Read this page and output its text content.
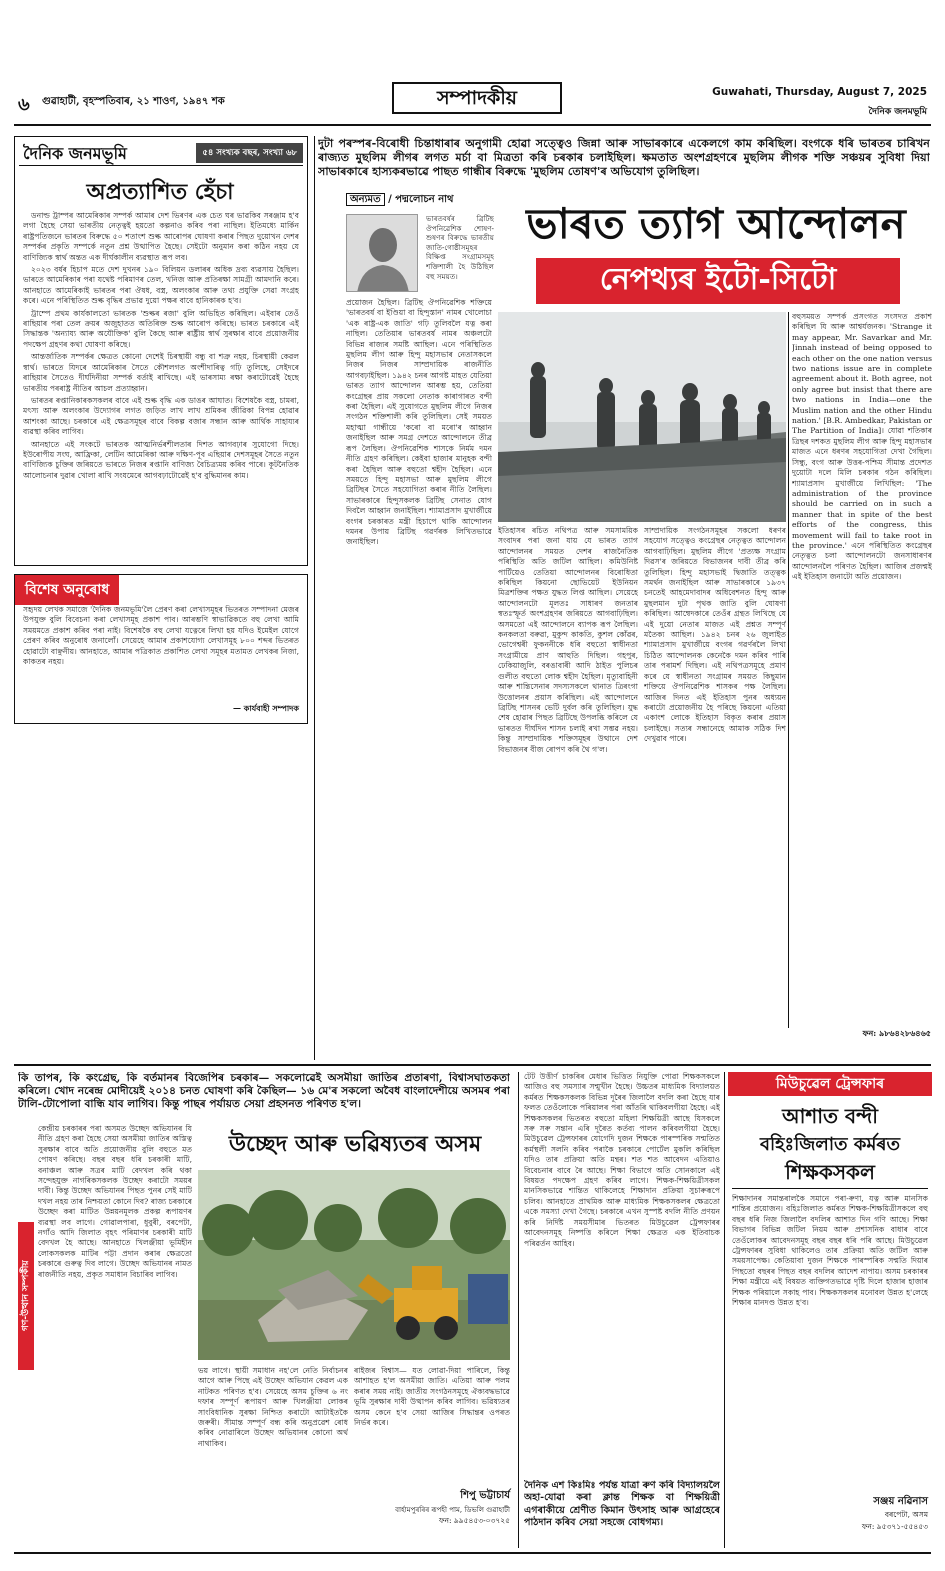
৬ গুৱাহাটী, বৃহস্পতিবাৰ, ২১ শাওণ, ১৯৪৭ শক	সম্পাদকীয়	Guwahati, Thursday, August 7, 2025
দৈনিক জনমভূমি
দৈনিক জনমভূমি	৫৪ সংখ্যক বছৰ, সংখ্যা ৬৮
অপ্ৰত্যাশিত হেঁচা

ডনাল্ড ট্ৰাম্পৰ আমেৰিকাৰ সম্পৰ্ক আমাৰ দেশ ভিৰণৰ এক চেত ঘৰ ভাৱকিব সৰঞ্জাম হ'ব লগা হৈছে সেয়া ভাৰতীয় নেতৃত্বই হয়তো কল্পনাও কৰিব পৰা নাছিল। ইতিমধ্যে মাৰ্কিন ৰাষ্ট্ৰপতিজনে ভাৰতৰ বিৰুদ্ধে ৫০ শতাংশ শুল্ক আৰোপৰ ঘোষণা কৰাৰ পিছত দুয়োখন দেশৰ সম্পৰ্কৰ প্ৰকৃতি সম্পৰ্কে নতুন প্ৰশ্ন উত্থাপিত হৈছে। সেইটো অনুমান কৰা কঠিন নহয় যে বাণিজ্যিক স্বাৰ্থ অন্তত এক দীৰ্ঘকালীন ব্যৱস্থাত ৰূপ লব।

২০২৩ বৰ্ষৰ হিচাপ মতে দেশ দুখনৰ ১৯০ বিলিয়ন ডলাৰৰ অধিক দ্ৰব্য ব্যৱসায় হৈছিল। ভাৰতে আমেৰিকাৰ পৰা যথেষ্ট পৰিমাণৰ তেল, খনিজ আৰু প্ৰতিৰক্ষা সামগ্ৰী আমদানি কৰে। আনহাতে আমেৰিকাই ভাৰতৰ পৰা ঔষধ, বস্ত্ৰ, অলংকাৰ আৰু তথ্য প্ৰযুক্তি সেৱা সংগ্ৰহ কৰে। এনে পৰিস্থিতিত শুল্ক বৃদ্ধিৰ প্ৰভাৱ দুয়ো পক্ষৰ বাবে হানিকাৰক হ'ব।

ট্ৰাম্পে প্ৰথম কাৰ্যকালতো ভাৰতক 'শুল্কৰ ৰজা' বুলি অভিহিত কৰিছিল। এইবাৰ তেওঁ ৰাছিয়াৰ পৰা তেল ক্ৰয়ৰ অজুহাতত অতিৰিক্ত শুল্ক আৰোপ কৰিছে। ভাৰত চৰকাৰে এই সিদ্ধান্তক 'অন্যায্য আৰু অযৌক্তিক' বুলি কৈছে আৰু ৰাষ্ট্ৰীয় স্বাৰ্থ সুৰক্ষাৰ বাবে প্ৰয়োজনীয় পদক্ষেপ গ্ৰহণৰ কথা ঘোষণা কৰিছে।

আন্তৰ্জাতিক সম্পৰ্কৰ ক্ষেত্ৰত কোনো দেশেই চিৰস্থায়ী বন্ধু বা শত্ৰু নহয়, চিৰস্থায়ী কেৱল স্বাৰ্থ। ভাৰতে যিদৰে আমেৰিকাৰ সৈতে কৌশলগত অংশীদাৰিত্ব গঢ়ি তুলিছে, সেইদৰে ৰাছিয়াৰ সৈতেও দীৰ্ঘদিনীয়া সম্পৰ্ক বৰ্তাই ৰাখিছে। এই ভাৰসাম্য ৰক্ষা কৰাটোৱেই হৈছে ভাৰতীয় পৰৰাষ্ট্ৰ নীতিৰ আচল প্ৰত্যাহ্বান।

ভাৰতৰ ৰপ্তানিকাৰকসকলৰ বাবে এই শুল্ক বৃদ্ধি এক ডাঙৰ আঘাত। বিশেষকৈ বস্ত্ৰ, চামৰা, মৎস্য আৰু অলংকাৰ উদ্যোগৰ লগত জড়িত লাখ লাখ শ্ৰমিকৰ জীৱিকা বিপন্ন হোৱাৰ আশংকা আছে। চৰকাৰে এই ক্ষেত্ৰসমূহৰ বাবে বিকল্প বজাৰ সন্ধান আৰু আৰ্থিক সাহায্যৰ ব্যৱস্থা কৰিব লাগিব।

আনহাতে এই সংকটে ভাৰতক আত্মনিৰ্ভৰশীলতাৰ দিশত আগবঢ়াৰ সুযোগো দিছে। ইউৰোপীয় সংঘ, আফ্ৰিকা, লেটিন আমেৰিকা আৰু দক্ষিণ-পূব এছিয়াৰ দেশসমূহৰ সৈতে নতুন বাণিজ্যিক চুক্তিৰ জৰিয়তে ভাৰতে নিজৰ ৰপ্তানি বাণিজ্য বৈচিত্ৰ্যময় কৰিব পাৰে। কূটনৈতিক আলোচনাৰ দুৱাৰ খোলা ৰাখি সংযমেৰে আগবঢ়াটোৱেই হ'ব বুদ্ধিমানৰ কাম।

বিশেষ অনুৰোধ
সহৃদয় লেখক সমাজে 'দৈনিক জনমভূমি'লৈ প্ৰেৰণ কৰা লেখাসমূহৰ ভিতৰত সম্পাদনা মেজৰ উপযুক্ত বুলি বিবেচনা কৰা লেখাসমূহ প্ৰকাশ পাব। আৰম্ভণি স্বাভাৱিকতে বহু লেখা আমি সময়মতে প্ৰকাশ কৰিব পৰা নাই। বিশেষকৈ বহু লেখা যত্নেৰে লিখা হয় যদিও ইমেইল যোগে প্ৰেৰণ কৰিব অনুৰোধ জনালোঁ। সেয়েহে আমাৰ প্ৰকাশযোগ্য লেখাসমূহ ৮০০ শব্দৰ ভিতৰত হোৱাটো বাঞ্ছনীয়। আনহাতে, আমাৰ পত্ৰিকাত প্ৰকাশিত লেখা সমূহৰ মতামত লেখকৰ নিজা, কাকতৰ নহয়।
— কাৰ্যবাহী সম্পাদক
দুটা পৰস্পৰ-বিৰোধী চিন্তাধাৰাৰ অনুগামী হোৱা সত্ত্বেও জিন্না আৰু সাভাৰকাৰে একেলগে কাম কৰিছিল। বংগকে ধৰি ভাৰতৰ চাৰিখন ৰাজ্যত মুছলিম লীগৰ লগত মৰ্চা বা মিত্ৰতা কৰি চৰকাৰ চলাইছিল। ক্ষমতাত অংশগ্ৰহণৰে মুছলিম লীগক শক্তি সঞ্চয়ৰ সুবিধা দিয়া সাভাৰকাৰে হাস্যকৰভাৱে পাছত গান্ধীৰ বিৰুদ্ধে 'মুছলিম তোষণ'ৰ অভিযোগ তুলিছিল।
অন্যমত / পদ্মলোচন নাথ
ভাৰতবৰ্ষৰ ব্ৰিটিছ ঔপনিৱেশিক শোষণ-শুষণৰ বিৰুদ্ধে ভাৰতীয় জাতি-গোষ্ঠীসমূহৰ বিক্ষিপ্ত সংগ্ৰামসমূহ শক্তিশালী হৈ উঠিছিল বহু সময়ত।
ভাৰত ত্যাগ আন্দোলন
নেপথ্যৰ ইটো-সিটো
প্ৰয়োজন হৈছিল। ব্ৰিটিছ ঔপনিৱেশিক শক্তিয়ে 'ভাৰতবৰ্ষ বা ইণ্ডিয়া বা হিন্দুস্তান' নামৰ খোলোচা 'এক ৰাষ্ট্ৰ-এক জাতি' গঢ়ি তুলিবলৈ যত্ন কৰা নাছিল। তেতিয়াৰ ভাৰতবৰ্ষ নামৰ অঞ্চলটো বিভিন্ন ৰাজ্যৰ সমষ্টি আছিল। এনে পৰিস্থিতিত মুছলিম লীগ আৰু হিন্দু মহাসভাৰ নেতাসকলে নিজৰ নিজৰ সাম্প্ৰদায়িক ৰাজনীতি আগবঢ়াইছিল। ১৯৪২ চনৰ আগষ্ট মাহত যেতিয়া ভাৰত ত্যাগ আন্দোলন আৰম্ভ হয়, তেতিয়া কংগ্ৰেছৰ প্ৰায় সকলো নেতাক কাৰাগাৰত বন্দী কৰা হৈছিল। এই সুযোগতে মুছলিম লীগে নিজৰ সংগঠন শক্তিশালী কৰি তুলিছিল। সেই সময়ত মহাত্মা গান্ধীয়ে 'কৰো বা মৰো'ৰ আহ্বান জনাইছিল আৰু সমগ্ৰ দেশতে আন্দোলনে তীব্ৰ ৰূপ লৈছিল। ঔপনিৱেশিক শাসকে নিৰ্মম দমন নীতি গ্ৰহণ কৰিছিল। কেইবা হাজাৰ মানুহক বন্দী কৰা হৈছিল আৰু বহুতো শ্বহীদ হৈছিল। এনে সময়তে হিন্দু মহাসভা আৰু মুছলিম লীগে ব্ৰিটিছৰ সৈতে সহযোগিতা কৰাৰ নীতি লৈছিল। সাভাৰকাৰে হিন্দুসকলক ব্ৰিটিছ সেনাত যোগ দিবলৈ আহ্বান জনাইছিল। শ্যামাপ্ৰসাদ মুখাৰ্জীয়ে বংগৰ চৰকাৰত মন্ত্ৰী হিচাপে থাকি আন্দোলন দমনৰ উপায় ব্ৰিটিছ গৱৰ্ণৰক লিখিতভাৱে জনাইছিল।
ইতিহাসৰ ৰচিত নথিপত্ৰ আৰু সমসাময়িক সংবাদৰ পৰা জনা যায় যে ভাৰত ত্যাগ আন্দোলনৰ সময়ত দেশৰ ৰাজনৈতিক পৰিস্থিতি অতি জটিল আছিল। কমিউনিষ্ট পাৰ্টিয়েও তেতিয়া আন্দোলনৰ বিৰোধিতা কৰিছিল কিয়নো ছোভিয়েট ইউনিয়ন মিত্ৰশক্তিৰ পক্ষত যুদ্ধত লিপ্ত আছিল। সেয়েহে আন্দোলনটো মূলতঃ সাধাৰণ জনতাৰ স্বতঃস্ফূৰ্ত অংশগ্ৰহণৰ জৰিয়তে আগবাঢ়িছিল। অসমতো এই আন্দোলনে ব্যাপক ৰূপ লৈছিল। কনকলতা বৰুৱা, মুকুন্দ কাকতি, কুশল কোঁৱৰ, ভোগেশ্বৰী ফুকননীকে ধৰি বহুতো স্বাধীনতা সংগ্ৰামীয়ে প্ৰাণ আহুতি দিছিল। গহপুৰ, ঢেকিয়াজুলি, বৰঙাবাৰী আদি ঠাইত পুলিচৰ গুলীত বহুতো লোক শ্বহীদ হৈছিল। মৃত্যুবাহিনী আৰু শান্তিসেনাৰ সদস্যসকলে থানাত ত্ৰিৰংগা উত্তোলনৰ প্ৰয়াস কৰিছিল। এই আন্দোলনে ব্ৰিটিছ শাসনৰ ভেটি দুৰ্বল কৰি তুলিছিল। যুদ্ধ শেষ হোৱাৰ পিছত ব্ৰিটিছে উপলব্ধি কৰিলে যে ভাৰতত দীৰ্ঘদিন শাসন চলাই ৰখা সম্ভৱ নহয়। কিন্তু সাম্প্ৰদায়িক শক্তিসমূহৰ উত্থানে দেশ বিভাজনৰ বীজ ৰোপণ কৰি থৈ গ'ল।
সাম্প্ৰদায়িক সংগঠনসমূহৰ সকলো ধৰণৰ সহযোগ সত্ত্বেও কংগ্ৰেছৰ নেতৃত্বত আন্দোলন আগবাঢ়িছিল। মুছলিম লীগে 'প্ৰত্যক্ষ সংগ্ৰাম দিৱস'ৰ জৰিয়তে বিভাজনৰ দাবী তীব্ৰ কৰি তুলিছিল। হিন্দু মহাসভাই দ্বিজাতি তত্ত্বক সমৰ্থন জনাইছিল আৰু সাভাৰকাৰে ১৯৩৭ চনতেই আহমেদাবাদৰ অধিবেশনত হিন্দু আৰু মুছলমান দুটা পৃথক জাতি বুলি ঘোষণা কৰিছিল। আম্বেদকাৰে তেওঁৰ গ্ৰন্থত লিখিছে যে এই দুয়ো নেতাৰ মাজত এই প্ৰশ্নত সম্পূৰ্ণ মতৈক্য আছিল। ১৯৪২ চনৰ ২৬ জুলাইত শ্যামাপ্ৰসাদ মুখাৰ্জীয়ে বংগৰ গৱৰ্ণৰলৈ লিখা চিঠিত আন্দোলনক কেনেকৈ দমন কৰিব পাৰি তাৰ পৰামৰ্শ দিছিল। এই নথিপত্ৰসমূহে প্ৰমাণ কৰে যে স্বাধীনতা সংগ্ৰামৰ সময়ত কিছুমান শক্তিয়ে ঔপনিৱেশিক শাসকৰ পক্ষ লৈছিল। আজিৰ দিনত এই ইতিহাস পুনৰ অধ্যয়ন কৰাটো প্ৰয়োজনীয় হৈ পৰিছে কিয়নো এতিয়া একাংশ লোকে ইতিহাস বিকৃত কৰাৰ প্ৰয়াস চলাইছে। সত্যৰ সন্ধানেহে আমাক সঠিক দিশ দেখুৱাব পাৰে।
বহুসময়ত সম্পৰ্ক প্ৰসংগত সংসদত প্ৰকাশ কৰিছিল যি আৰু আশ্বৰ্যজনক। 'Strange it may appear, Mr. Savarkar and Mr. Jinnah instead of being opposed to each other on the one nation versus two nations issue are in complete agreement about it. Both agree, not only agree but insist that there are two nations in India—one the Muslim nation and the other Hindu nation.' [B.R. Ambedkar, Pakistan or The Partition of India]। যোৱা শতিকাৰ ত্ৰিছৰ দশকত মুছলিম লীগ আৰু হিন্দু মহাসভাৰ মাজত এনে ধৰণৰ সহযোগিতা দেখা গৈছিল। সিন্ধু, বংগ আৰু উত্তৰ-পশ্চিম সীমান্ত প্ৰদেশত দুয়োটা দলে মিলি চৰকাৰ গঠন কৰিছিল। শ্যামাপ্ৰসাদ মুখাৰ্জীয়ে লিখিছিল: 'The administration of the province should be carried on in such a manner that in spite of the best efforts of the congress, this movement will fail to take root in the province.' এনে পৰিস্থিতিত কংগ্ৰেছৰ নেতৃত্বত চলা আন্দোলনটো জনসাধাৰণৰ আন্দোলনলৈ পৰিণত হৈছিল। আজিৰ প্ৰজন্মই এই ইতিহাস জনাটো অতি প্ৰয়োজন।
ফন: ৯৮৬৪২৮৬৪৬৫
কি তাপৰ, কি কংগ্ৰেছ, কি বৰ্তমানৰ বিজেপিৰ চৰকাৰ— সকলোৱেই অসমীয়া জাতিৰ প্ৰতাৰণা, বিশ্বাসঘাতকতা কৰিলে। খোদ নৰেন্দ্ৰ মোদীয়েই ২০১৪ চনত ঘোষণা কৰি কৈছিল— ১৬ মে'ৰ সকলো অবৈধ বাংলাদেশীয়ে অসমৰ পৰা টালি-টোপোলা বান্ধি যাব লাগিব। কিন্তু পাছৰ পৰ্যায়ত সেয়া প্ৰহসনত পৰিণত হ'ল।
গণ-উত্থান সম্পৰ্কীয়
কেন্দ্ৰীয় চৰকাৰৰ পৰা অসমত উচ্ছেদ অভিযানৰ যি নীতি গ্ৰহণ কৰা হৈছে সেয়া অসমীয়া জাতিৰ অস্তিত্ব সুৰক্ষাৰ বাবে অতি প্ৰয়োজনীয় বুলি বহুতে মত পোষণ কৰিছে। বছৰ বছৰ ধৰি চৰকাৰী মাটি, বনাঞ্চল আৰু সত্ৰৰ মাটি বেদখল কৰি থকা সন্দেহযুক্ত নাগৰিকসকলক উচ্ছেদ কৰাটো সময়ৰ দাবী। কিন্তু উচ্ছেদ অভিযানৰ পিছত পুনৰ সেই মাটি দখল নহয় তাৰ নিশ্চয়তা কোনে দিব? ৰাজ্য চৰকাৰে উচ্ছেদ কৰা মাটিত উন্নয়নমূলক প্ৰকল্প ৰূপায়ণৰ ব্যৱস্থা লব লাগে। গোৱালপাৰা, ধুবুৰী, বৰপেটা, নগাঁও আদি জিলাত বৃহৎ পৰিমাণৰ চৰকাৰী মাটি বেদখল হৈ আছে। আনহাতে খিলঞ্জীয়া ভূমিহীন লোকসকলক মাটিৰ পট্টা প্ৰদান কৰাৰ ক্ষেত্ৰতো চৰকাৰে গুৰুত্ব দিব লাগে। উচ্ছেদ অভিযানৰ নামত ৰাজনীতি নহয়, প্ৰকৃত সমাধান বিচাৰিব লাগিব।
উচ্ছেদ আৰু ভৱিষ্যতৰ অসম
ভয় লাগে। স্থায়ী সমাধান নহ'লে নেতি নিৰ্বাচনৰ আগে আৰু পিছে এই উচ্ছেদ অভিযান কেৱল এক নাটকত পৰিণত হ'ব। সেয়েহে অসম চুক্তিৰ ৬ নং দফাৰ সম্পূৰ্ণ ৰূপায়ণ আৰু খিলঞ্জীয়া লোকৰ সাংবিধানিক সুৰক্ষা নিশ্চিত কৰাটো আটাইতকৈ জৰুৰী। সীমান্ত সম্পূৰ্ণ বন্ধ কৰি অনুপ্ৰৱেশ ৰোধ কৰিব নোৱাৰিলে উচ্ছেদ অভিযানৰ কোনো অৰ্থ নাথাকিব।
ৰাইজৰ বিশ্বাস— যত লোৱা-দিয়া পাৰিলে, কিন্তু আশাহত হ'ল অসমীয়া জাতি। এতিয়া আৰু পলম কৰাৰ সময় নাই। জাতীয় সংগঠনসমূহে ঐক্যবদ্ধভাৱে ভূমি সুৰক্ষাৰ দাবী উত্থাপন কৰিব লাগিব। ভৱিষ্যতৰ অসম কেনে হ'ব সেয়া আজিৰ সিদ্ধান্তৰ ওপৰত নিৰ্ভৰ কৰে।
শিপু ভট্টাচাৰ্য
বাৰ্হামপুৰৰিৰ ৰূপহী পাম, ডিভলি গুৱাহাটী
ফন: ৯৯৫৪৫৩-০৩৭২৫
টেট উত্তীৰ্ণ চাকৰিৰ মেধাৰ ভিত্তিত নিযুক্তি পোৱা শিক্ষকসকলে আজিও বহু সমস্যাৰ সন্মুখীন হৈছে। উচ্চতৰ মাধ্যমিক বিদ্যালয়ত কৰ্মৰত শিক্ষকসকলক বিভিন্ন দূৰৈৰ জিলালৈ বদলি কৰা হৈছে যাৰ ফলত তেওঁলোকে পৰিয়ালৰ পৰা আঁতৰি থাকিবলগীয়া হৈছে। এই শিক্ষকসকলৰ ভিতৰত বহুতো মহিলা শিক্ষয়িত্ৰী আছে যিসকলে সৰু সৰু সন্তান এৰি দূৰৈত কৰ্তব্য পালন কৰিবলগীয়া হৈছে। মিউচুৱেল ট্ৰেন্সফাৰৰ যোগেদি দুজন শিক্ষকে পাৰস্পৰিক সন্মতিত কৰ্মস্থলী সলনি কৰিব পৰাকৈ চৰকাৰে পোৰ্টেল মুকলি কৰিছিল যদিও তাৰ প্ৰক্ৰিয়া অতি মন্থৰ। শত শত আবেদন এতিয়াও বিবেচনাৰ বাবে ৰৈ আছে। শিক্ষা বিভাগে অতি সোনকালে এই বিষয়ত পদক্ষেপ গ্ৰহণ কৰিব লাগে। শিক্ষক-শিক্ষয়িত্ৰীসকল মানসিকভাৱে শান্তিত থাকিলেহে শিক্ষাদান প্ৰক্ৰিয়া সুচাৰুৰূপে চলিব। আনহাতে প্ৰাথমিক আৰু মাধ্যমিক শিক্ষকসকলৰ ক্ষেত্ৰতো একে সমস্যা দেখা গৈছে। চৰকাৰে এখন সুস্পষ্ট বদলি নীতি প্ৰণয়ন কৰি নিৰ্দিষ্ট সময়সীমাৰ ভিতৰত মিউচুৱেল ট্ৰেন্সফাৰৰ আবেদনসমূহ নিষ্পত্তি কৰিলে শিক্ষা ক্ষেত্ৰত এক ইতিবাচক পৰিৱৰ্তন আহিব।
দৈনিক এশ কিঃমিঃ পৰ্যন্ত যাত্ৰা ৰুণ কৰি বিদ্যালয়লৈ অহা-যোৱা কৰা ক্লান্ত শিক্ষক বা শিক্ষয়িত্ৰী এগৰাকীয়ে শ্ৰেণীত কিমান উৎসাহ আৰু আগ্ৰহেৰে পাঠদান কৰিব সেয়া সহজে বোধগম্য।
মিউচুৱেল ট্ৰেন্সফাৰ
আশাত বন্দী
বহিঃজিলাত কৰ্মৰত
শিক্ষকসকল
শিক্ষাদানৰ সমান্তৰালকৈ সমানে পৰা-ৰুণা, যত্ন আৰু মানসিক শান্তিৰ প্ৰয়োজন। বহিঃজিলাত কৰ্মৰত শিক্ষক-শিক্ষয়িত্ৰীসকলে বহু বছৰ ধৰি নিজ জিলালৈ বদলিৰ আশাত দিন গণি আছে। শিক্ষা বিভাগৰ বিভিন্ন জটিল নিয়ম আৰু প্ৰশাসনিক বাধাৰ বাবে তেওঁলোকৰ আবেদনসমূহ বছৰ বছৰ ধৰি পৰি আছে। মিউচুৱেল ট্ৰেন্সফাৰৰ সুবিধা থাকিলেও তাৰ প্ৰক্ৰিয়া অতি জটিল আৰু সময়সাপেক্ষ। কেতিয়াবা দুজন শিক্ষকে পাৰস্পৰিক সন্মতি দিয়াৰ পিছতো বছৰৰ পিছত বছৰ বদলিৰ আদেশ নাপায়। অসম চৰকাৰৰ শিক্ষা মন্ত্ৰীয়ে এই বিষয়ত ব্যক্তিগতভাৱে দৃষ্টি দিলে হাজাৰ হাজাৰ শিক্ষক পৰিয়ালে সকাহ পাব। শিক্ষকসকলৰ মনোবল উন্নত হ'লেহে শিক্ষাৰ মানদণ্ড উন্নত হ'ব।
সঞ্জয় নৱিনাস
বৰপেটা, অসম
ফন: ৯৫৩৭১-৫৫৪৫৩
